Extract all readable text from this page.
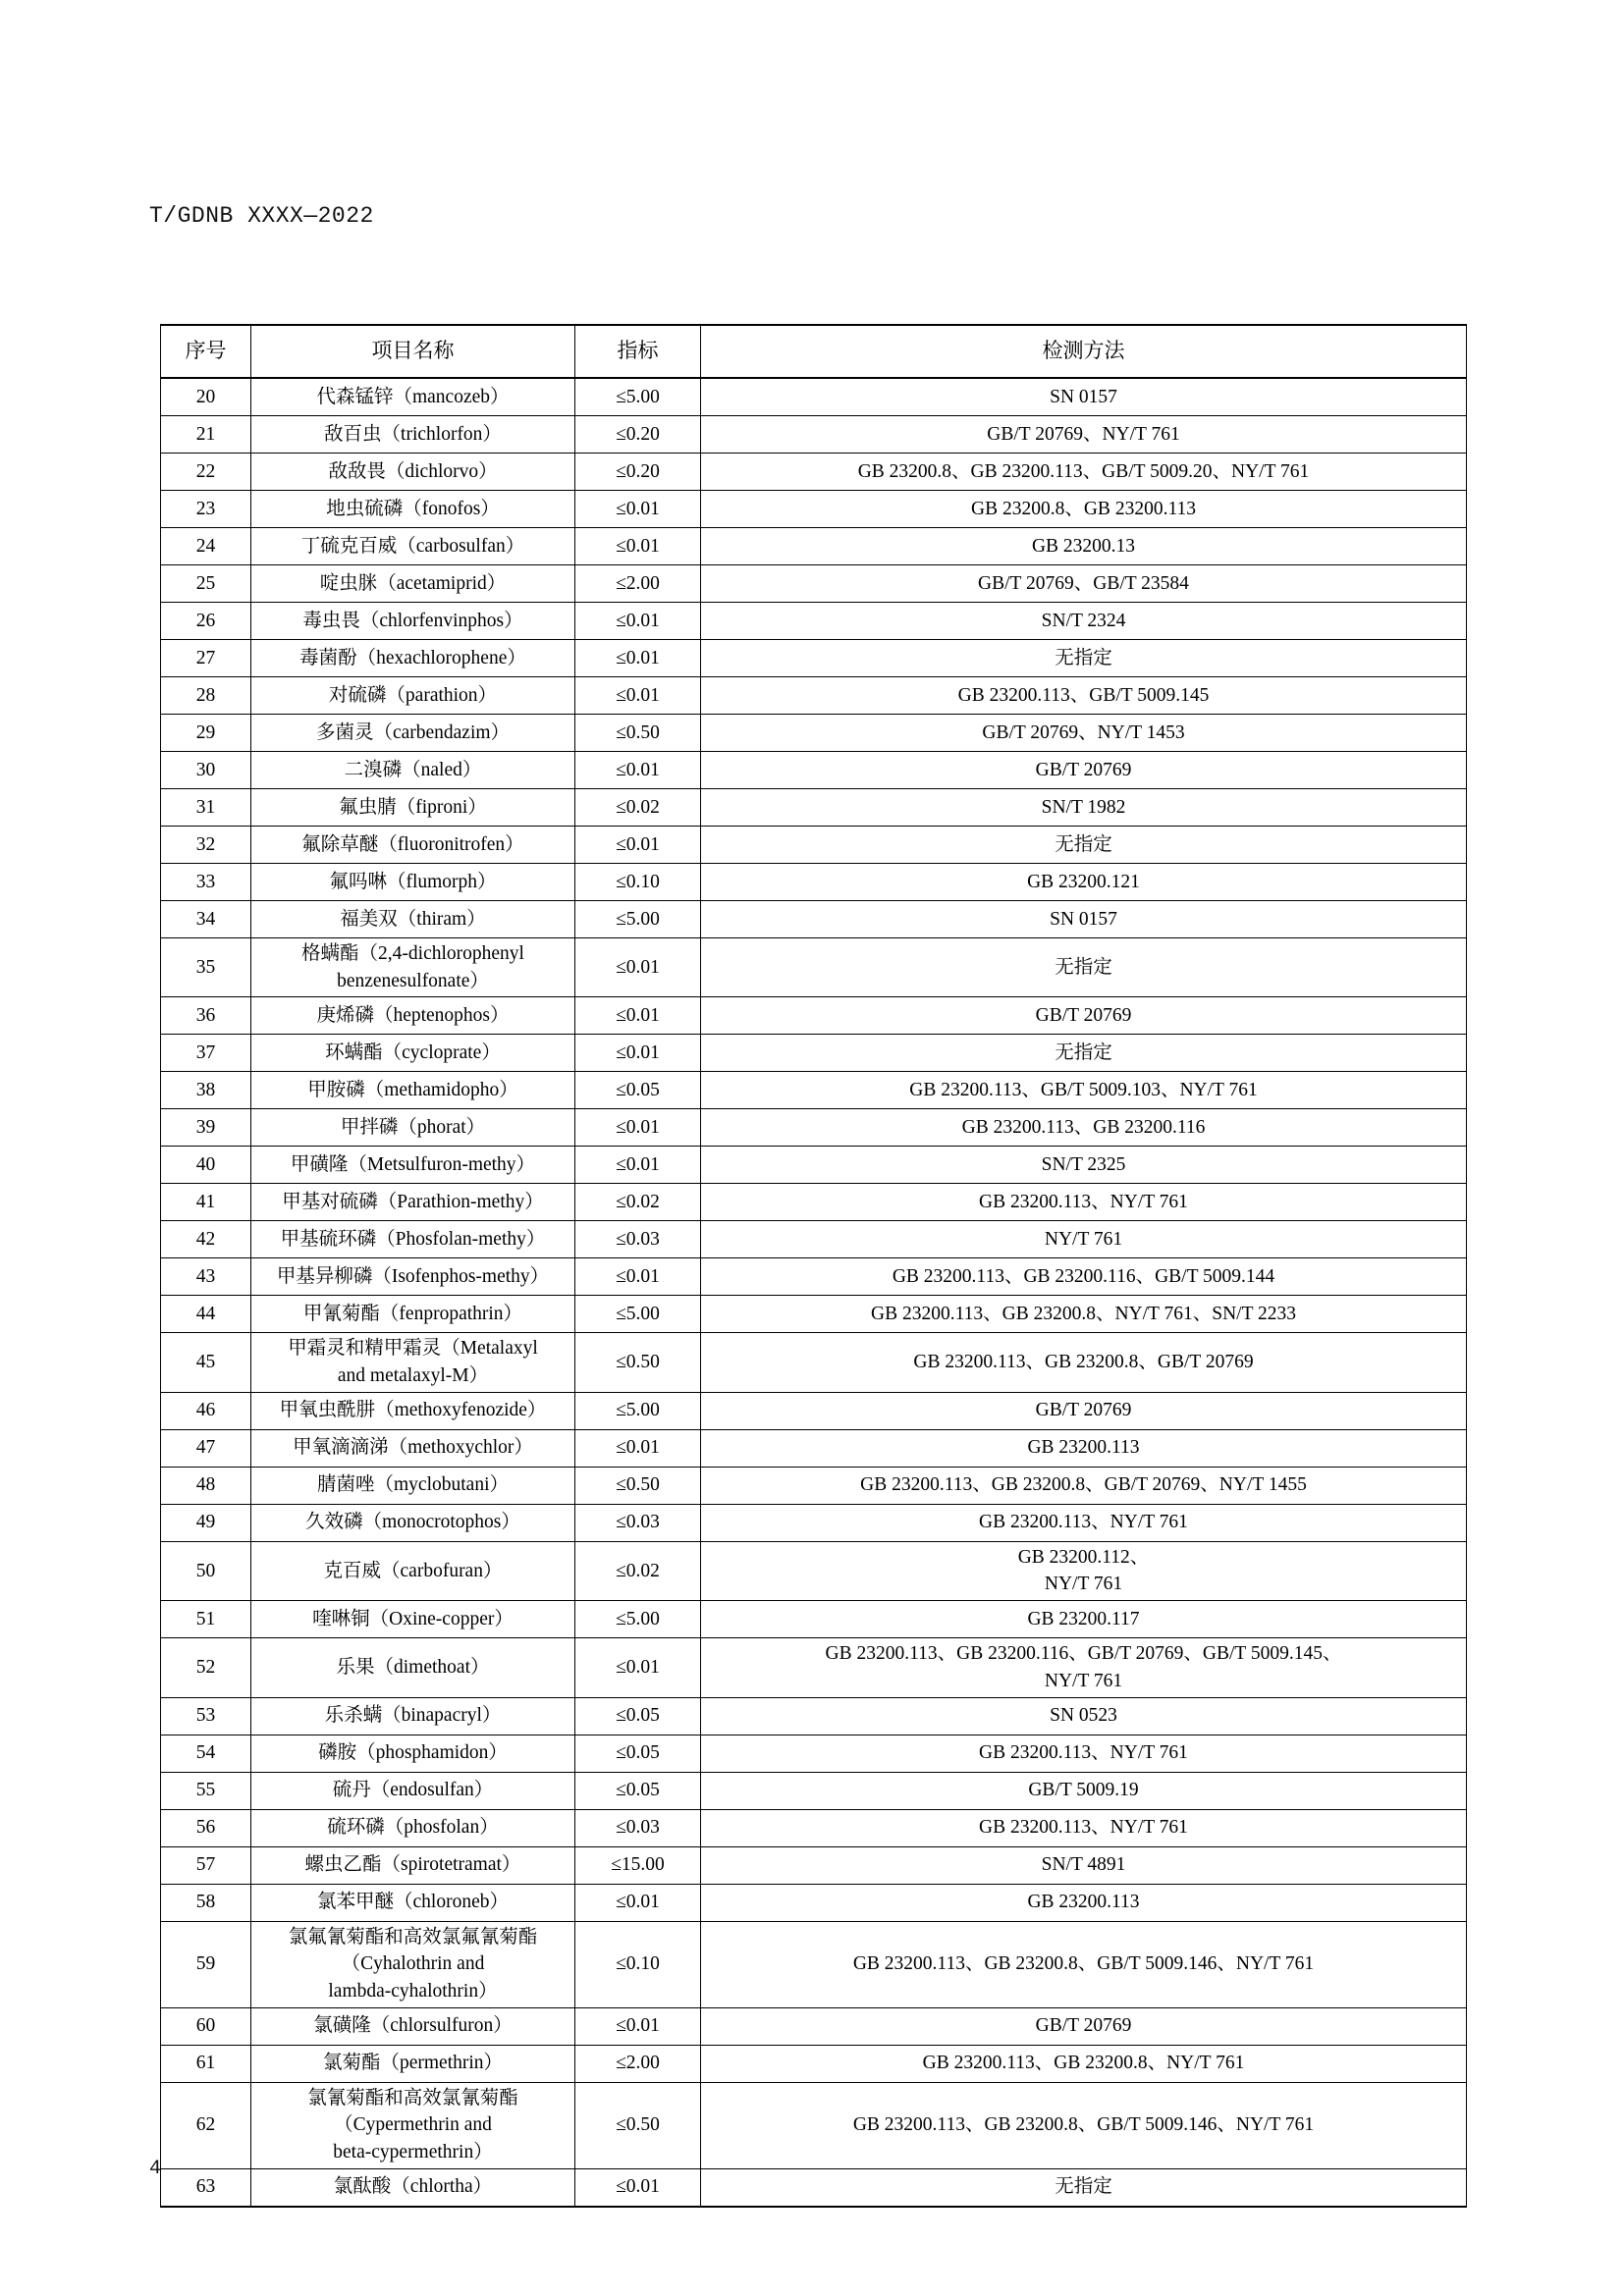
T/GDNB XXXX—2022
序号	项目名称	指标	检测方法
20	代森锰锌（mancozeb）	≤5.00	SN 0157
21	敌百虫（trichlorfon）	≤0.20	GB/T 20769、NY/T 761
22	敌敌畏（dichlorvo）	≤0.20	GB 23200.8、GB 23200.113、GB/T 5009.20、NY/T 761
23	地虫硫磷（fonofos）	≤0.01	GB 23200.8、GB 23200.113
24	丁硫克百威（carbosulfan）	≤0.01	GB 23200.13
25	啶虫脒（acetamiprid）	≤2.00	GB/T 20769、GB/T 23584
26	毒虫畏（chlorfenvinphos）	≤0.01	SN/T 2324
27	毒菌酚（hexachlorophene）	≤0.01	无指定
28	对硫磷（parathion）	≤0.01	GB 23200.113、GB/T 5009.145
29	多菌灵（carbendazim）	≤0.50	GB/T 20769、NY/T 1453
30	二溴磷（naled）	≤0.01	GB/T 20769
31	氟虫腈（fiproni）	≤0.02	SN/T 1982
32	氟除草醚（fluoronitrofen）	≤0.01	无指定
33	氟吗啉（flumorph）	≤0.10	GB 23200.121
34	福美双（thiram）	≤5.00	SN 0157
35	格螨酯（2,4-dichlorophenyl
benzenesulfonate）	≤0.01	无指定
36	庚烯磷（heptenophos）	≤0.01	GB/T 20769
37	环螨酯（cycloprate）	≤0.01	无指定
38	甲胺磷（methamidopho）	≤0.05	GB 23200.113、GB/T 5009.103、NY/T 761
39	甲拌磷（phorat）	≤0.01	GB 23200.113、GB 23200.116
40	甲磺隆（Metsulfuron-methy）	≤0.01	SN/T 2325
41	甲基对硫磷（Parathion-methy）	≤0.02	GB 23200.113、NY/T 761
42	甲基硫环磷（Phosfolan-methy）	≤0.03	NY/T 761
43	甲基异柳磷（Isofenphos-methy）	≤0.01	GB 23200.113、GB 23200.116、GB/T 5009.144
44	甲氰菊酯（fenpropathrin）	≤5.00	GB 23200.113、GB 23200.8、NY/T 761、SN/T 2233
45	甲霜灵和精甲霜灵（Metalaxyl
and metalaxyl-M）	≤0.50	GB 23200.113、GB 23200.8、GB/T 20769
46	甲氧虫酰肼（methoxyfenozide）	≤5.00	GB/T 20769
47	甲氧滴滴涕（methoxychlor）	≤0.01	GB 23200.113
48	腈菌唑（myclobutani）	≤0.50	GB 23200.113、GB 23200.8、GB/T 20769、NY/T 1455
49	久效磷（monocrotophos）	≤0.03	GB 23200.113、NY/T 761
50	克百威（carbofuran）	≤0.02	GB 23200.112、
NY/T 761

51	喹啉铜（Oxine-copper）	≤5.00	GB 23200.117
52	乐果（dimethoat）	≤0.01	GB 23200.113、GB 23200.116、GB/T 20769、GB/T 5009.145、
NY/T 761

53	乐杀螨（binapacryl）	≤0.05	SN 0523
54	磷胺（phosphamidon）	≤0.05	GB 23200.113、NY/T 761
55	硫丹（endosulfan）	≤0.05	GB/T 5009.19
56	硫环磷（phosfolan）	≤0.03	GB 23200.113、NY/T 761
57	螺虫乙酯（spirotetramat）	≤15.00	SN/T 4891
58	氯苯甲醚（chloroneb）	≤0.01	GB 23200.113
59	氯氟氰菊酯和高效氯氟氰菊酯
（Cyhalothrin and
lambda-cyhalothrin）	≤0.10	GB 23200.113、GB 23200.8、GB/T 5009.146、NY/T 761
60	氯磺隆（chlorsulfuron）	≤0.01	GB/T 20769
61	氯菊酯（permethrin）	≤2.00	GB 23200.113、GB 23200.8、NY/T 761
62	氯氰菊酯和高效氯氰菊酯
（Cypermethrin and
beta-cypermethrin）	≤0.50	GB 23200.113、GB 23200.8、GB/T 5009.146、NY/T 761
63	氯酞酸（chlortha）	≤0.01	无指定
4
